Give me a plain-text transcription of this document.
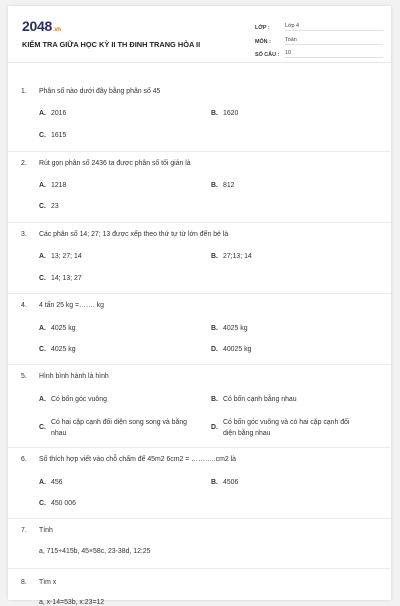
2048.vn
KIỂM TRA GIỮA HỌC KỲ II TH ĐINH TRANG HÒA II
LỚP :	Lớp 4
MÔN :	Toán
SỐ CÂU :	10
1. Phân số nào dưới đây bằng phân số 45
A. 2016	B. 1620
C. 1615
2. Rút gọn phân số 2436 ta được phân số tối giản là
A. 1218	B. 812
C. 23
3. Các phân số 14; 27; 13 được xếp theo thứ tự từ lớn đến bé là
A. 13; 27; 14	B. 27;13; 14
C. 14; 13; 27
4. 4 tấn 25 kg =……. kg
A. 4025 kg	B. 4025 kg
C. 4025 kg	D. 40025 kg
5. Hình bình hành là hình
A. Có bốn góc vuông	B. Có bốn cạnh bằng nhau
C.
Có hai cặp cạnh đối diện song song và bằng nhau
D.
Có bốn góc vuông và có hai cặp cạnh đối diện bằng nhau
6. Số thích hợp viết vào chỗ chấm để 45m2 6cm2 = ………..cm2 là
A. 456	B. 4506
C. 450 006
7. Tính
a, 715+415b, 45×58c, 23-38d, 12:25
8. Tìm x
a, x-14=53b, x:23=12
